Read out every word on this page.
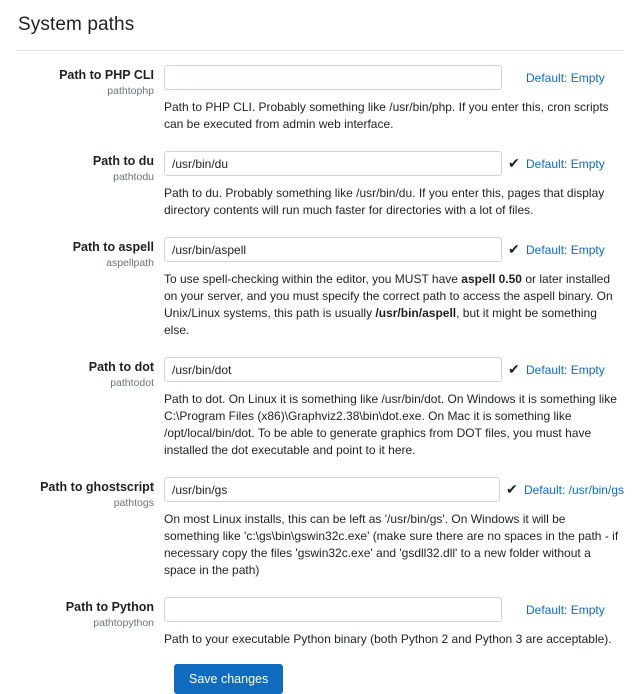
System paths
Path to PHP CLI
pathtophp
Default: Empty
Path to PHP CLI. Probably something like /usr/bin/php. If you enter this, cron scripts can be executed from admin web interface.
Path to du
pathtodu
/usr/bin/du
✔ Default: Empty
Path to du. Probably something like /usr/bin/du. If you enter this, pages that display directory contents will run much faster for directories with a lot of files.
Path to aspell
aspellpath
/usr/bin/aspell
✔ Default: Empty
To use spell-checking within the editor, you MUST have aspell 0.50 or later installed on your server, and you must specify the correct path to access the aspell binary. On Unix/Linux systems, this path is usually /usr/bin/aspell, but it might be something else.
Path to dot
pathtodot
/usr/bin/dot
✔ Default: Empty
Path to dot. On Linux it is something like /usr/bin/dot. On Windows it is something like C:\Program Files (x86)\Graphviz2.38\bin\dot.exe. On Mac it is something like /opt/local/bin/dot. To be able to generate graphics from DOT files, you must have installed the dot executable and point to it here.
Path to ghostscript
pathtogs
/usr/bin/gs
✔ Default: /usr/bin/gs
On most Linux installs, this can be left as '/usr/bin/gs'. On Windows it will be something like 'c:\gs\bin\gswin32c.exe' (make sure there are no spaces in the path - if necessary copy the files 'gswin32c.exe' and 'gsdll32.dll' to a new folder without a space in the path)
Path to Python
pathtopython
Default: Empty
Path to your executable Python binary (both Python 2 and Python 3 are acceptable).
Save changes
